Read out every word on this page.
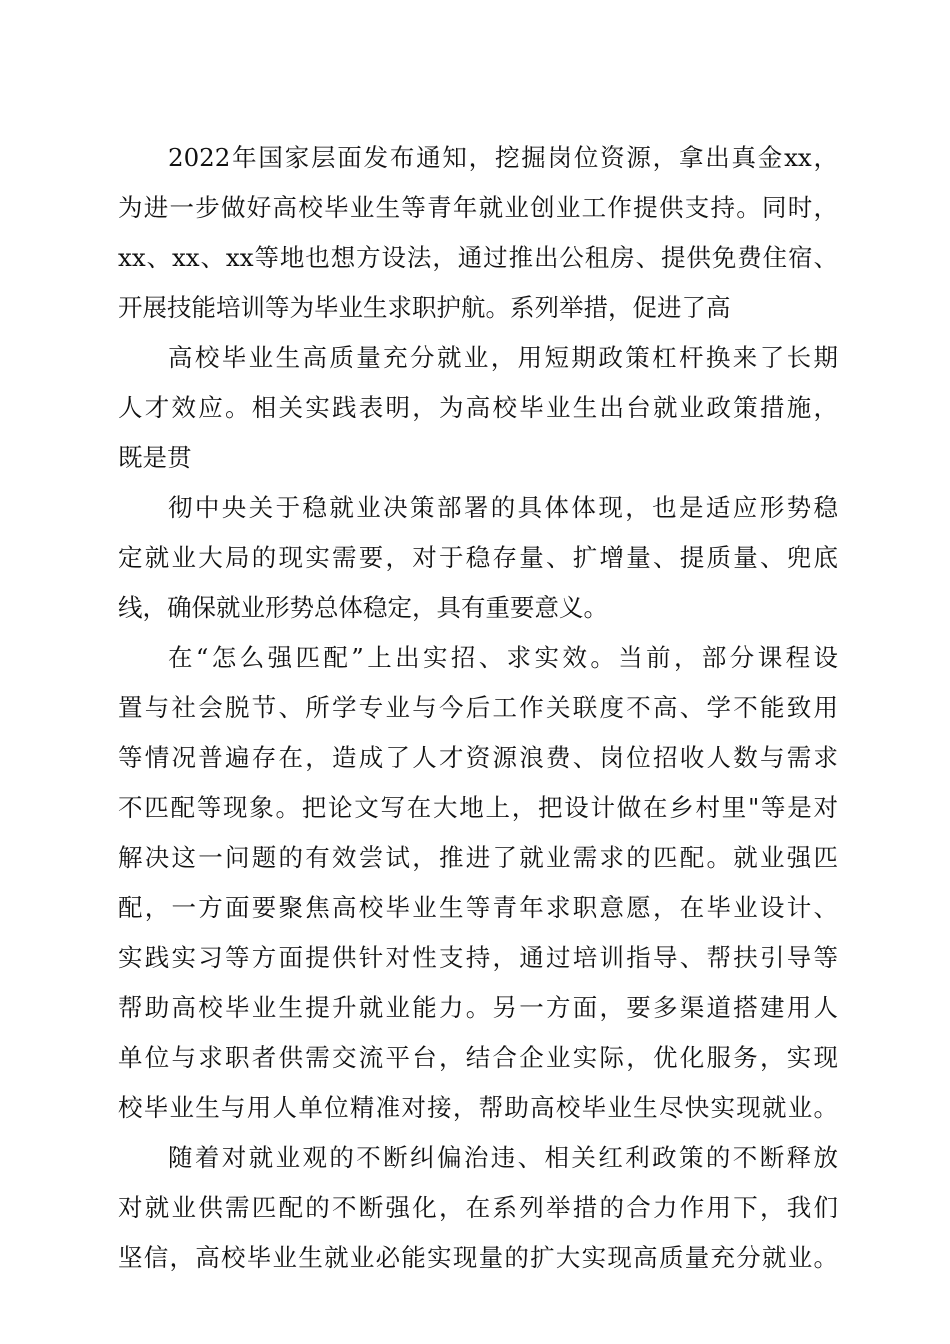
2022年国家层面发布通知，挖掘岗位资源，拿出真金xx，

为进一步做好高校毕业生等青年就业创业工作提供支持。同时，

xx、xx、xx等地也想方设法，通过推出公租房、提供免费住宿、

开展技能培训等为毕业生求职护航。系列举措，促进了高

高校毕业生高质量充分就业，用短期政策杠杆换来了长期

人才效应。相关实践表明，为高校毕业生出台就业政策措施，

既是贯

彻中央关于稳就业决策部署的具体体现，也是适应形势稳

定就业大局的现实需要，对于稳存量、扩增量、提质量、兜底

线，确保就业形势总体稳定，具有重要意义。

在“怎么强匹配”上出实招、求实效。当前，部分课程设

置与社会脱节、所学专业与今后工作关联度不高、学不能致用

等情况普遍存在，造成了人才资源浪费、岗位招收人数与需求

不匹配等现象。把论文写在大地上，把设计做在乡村里"等是对

解决这一问题的有效尝试，推进了就业需求的匹配。就业强匹

配，一方面要聚焦高校毕业生等青年求职意愿，在毕业设计、

实践实习等方面提供针对性支持，通过培训指导、帮扶引导等

帮助高校毕业生提升就业能力。另一方面，要多渠道搭建用人

单位与求职者供需交流平台，结合企业实际，优化服务，实现

校毕业生与用人单位精准对接，帮助高校毕业生尽快实现就业。

随着对就业观的不断纠偏治违、相关红利政策的不断释放

对就业供需匹配的不断强化，在系列举措的合力作用下，我们

坚信，高校毕业生就业必能实现量的扩大实现高质量充分就业。
